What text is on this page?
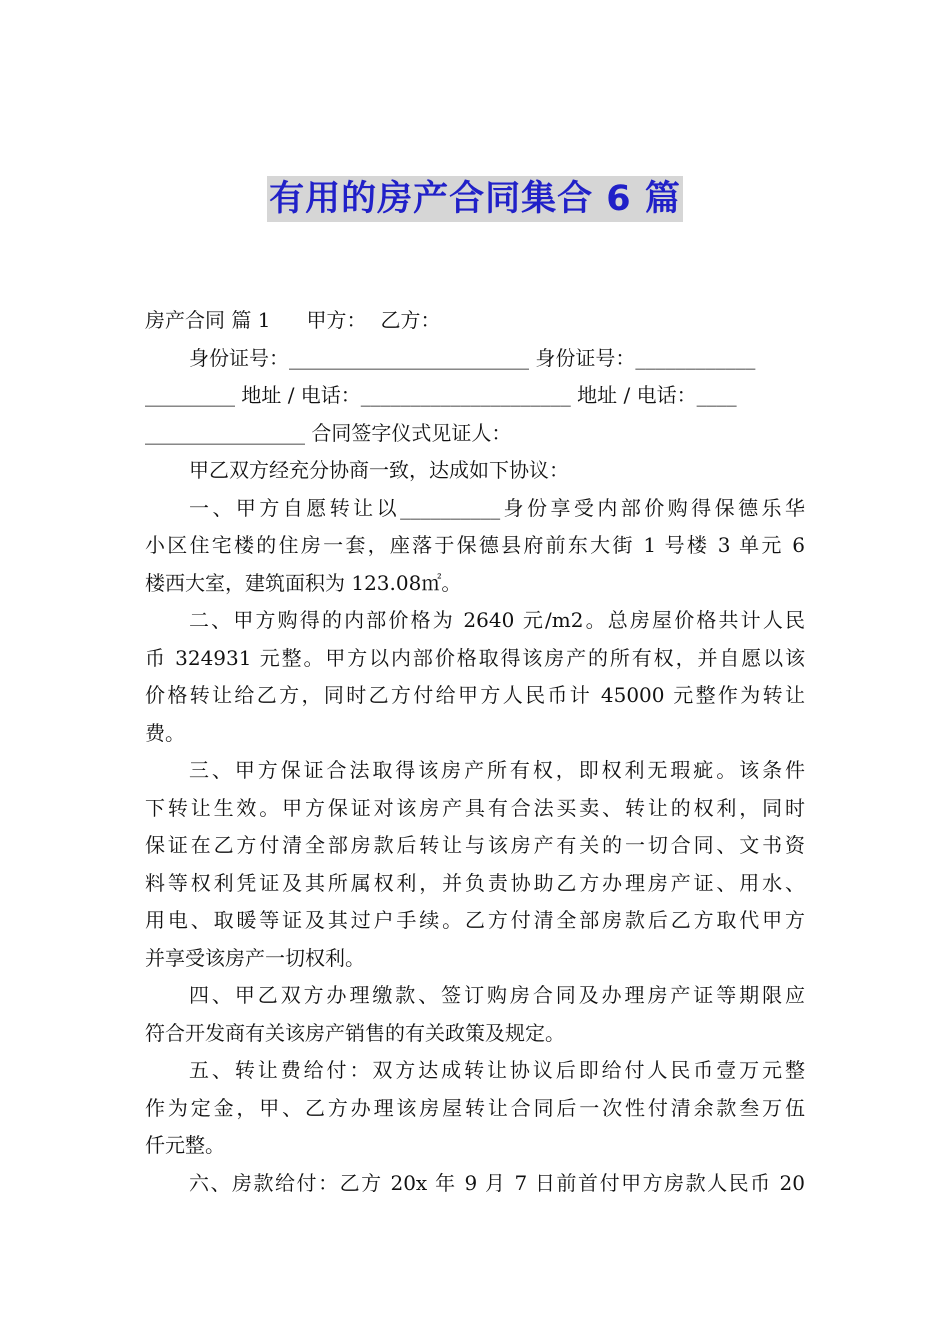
有用的房产合同集合 6 篇

房产合同 篇 1 甲方： 乙方：

身份证号：________________________ 身份证号：____________

_________ 地址 / 电话：_____________________ 地址 / 电话：____

________________ 合同签字仪式见证人：

甲乙双方经充分协商一致，达成如下协议：

一、甲方自愿转让以__________身份享受内部价购得保德乐华

小区住宅楼的住房一套，座落于保德县府前东大街 1 号楼 3 单元 6

楼西大室，建筑面积为 123.08㎡。

二、甲方购得的内部价格为 2640 元/m2。总房屋价格共计人民

币 324931 元整。甲方以内部价格取得该房产的所有权，并自愿以该

价格转让给乙方，同时乙方付给甲方人民币计 45000 元整作为转让

费。

三、甲方保证合法取得该房产所有权，即权利无瑕疵。该条件

下转让生效。甲方保证对该房产具有合法买卖、转让的权利，同时

保证在乙方付清全部房款后转让与该房产有关的一切合同、文书资

料等权利凭证及其所属权利，并负责协助乙方办理房产证、用水、

用电、取暖等证及其过户手续。乙方付清全部房款后乙方取代甲方

并享受该房产一切权利。

四、甲乙双方办理缴款、签订购房合同及办理房产证等期限应

符合开发商有关该房产销售的有关政策及规定。

五、转让费给付：双方达成转让协议后即给付人民币壹万元整

作为定金，甲、乙方办理该房屋转让合同后一次性付清余款叁万伍

仟元整。

六、房款给付：乙方 20x 年 9 月 7 日前首付甲方房款人民币 20
